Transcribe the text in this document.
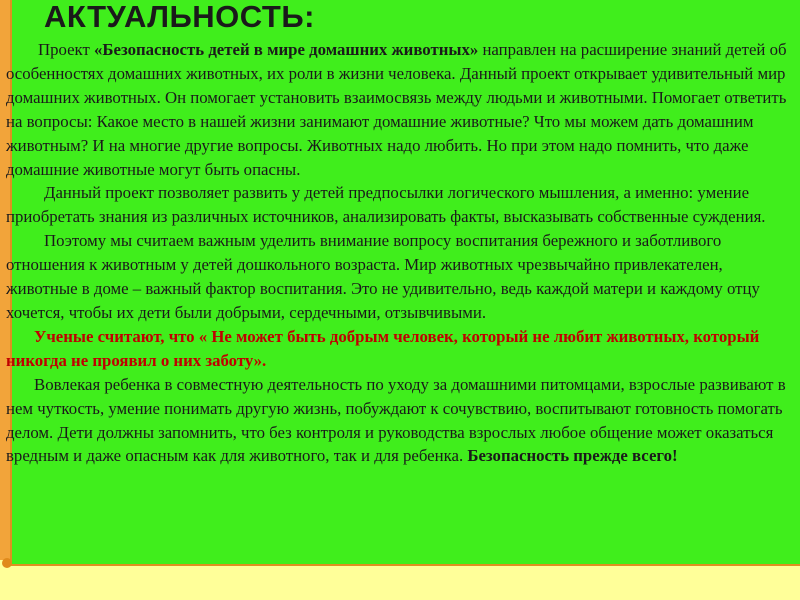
АКТУАЛЬНОСТЬ:

Проект «Безопасность детей в мире домашних животных» направлен на расширение знаний детей об особенностях домашних животных, их роли в жизни человека. Данный проект открывает удивительный мир домашних животных. Он помогает установить взаимосвязь между людьми и животными. Помогает ответить на вопросы: Какое место в нашей жизни занимают домашние животные? Что мы можем дать домашним животным? И на многие другие вопросы. Животных надо любить. Но при этом надо помнить, что даже домашние животные могут быть опасны.

Данный проект позволяет развить у детей предпосылки логического мышления, а именно: умение приобретать знания из различных источников, анализировать факты, высказывать собственные суждения.

Поэтому мы считаем важным уделить внимание вопросу воспитания бережного и заботливого отношения к животным у детей дошкольного возраста. Мир животных чрезвычайно привлекателен, животные в доме – важный фактор воспитания. Это не удивительно, ведь каждой матери и каждому отцу хочется, чтобы их дети были добрыми, сердечными, отзывчивыми.

Ученые считают, что « Не может быть добрым человек, который не любит животных, который никогда не проявил о них заботу».

Вовлекая ребенка в совместную деятельность по уходу за домашними питомцами, взрослые развивают в нем чуткость, умение понимать другую жизнь, побуждают к сочувствию, воспитывают готовность помогать делом. Дети должны запомнить, что без контроля и руководства взрослых любое общение может оказаться вредным и даже опасным как для животного, так и для ребенка. Безопасность прежде всего!
